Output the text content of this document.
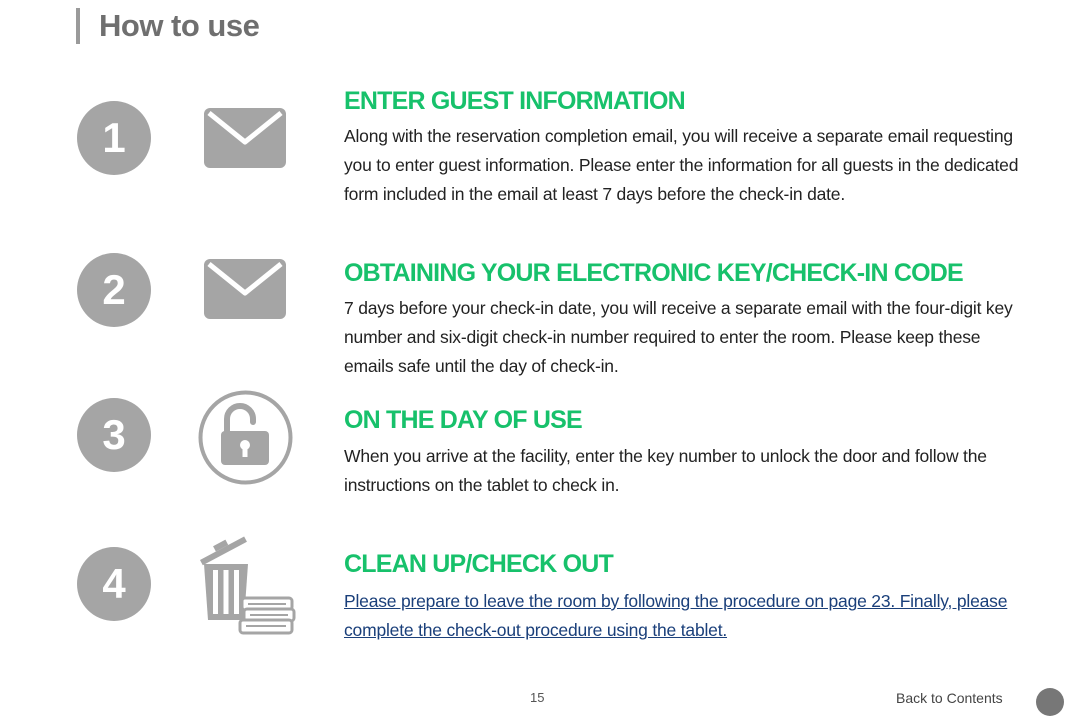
How to use
1
ENTER GUEST INFORMATION
Along with the reservation completion email, you will receive a separate email requesting you to enter guest information. Please enter the information for all guests in the dedicated form included in the email at least 7 days before the check-in date.
2	OBTAINING YOUR ELECTRONIC KEY/CHECK-IN CODE
7 days before your check-in date, you will receive a separate email with the four-digit key number and six-digit check-in number required to enter the room. Please keep these emails safe until the day of check-in.
3	ON THE DAY OF USE
When you arrive at the facility, enter the key number to unlock the door and follow the instructions on the tablet to check in.
4	CLEAN UP/CHECK OUT
Please prepare to leave the room by following the procedure on page 23. Finally, please complete the check-out procedure using the tablet.
15	Back to Contents
